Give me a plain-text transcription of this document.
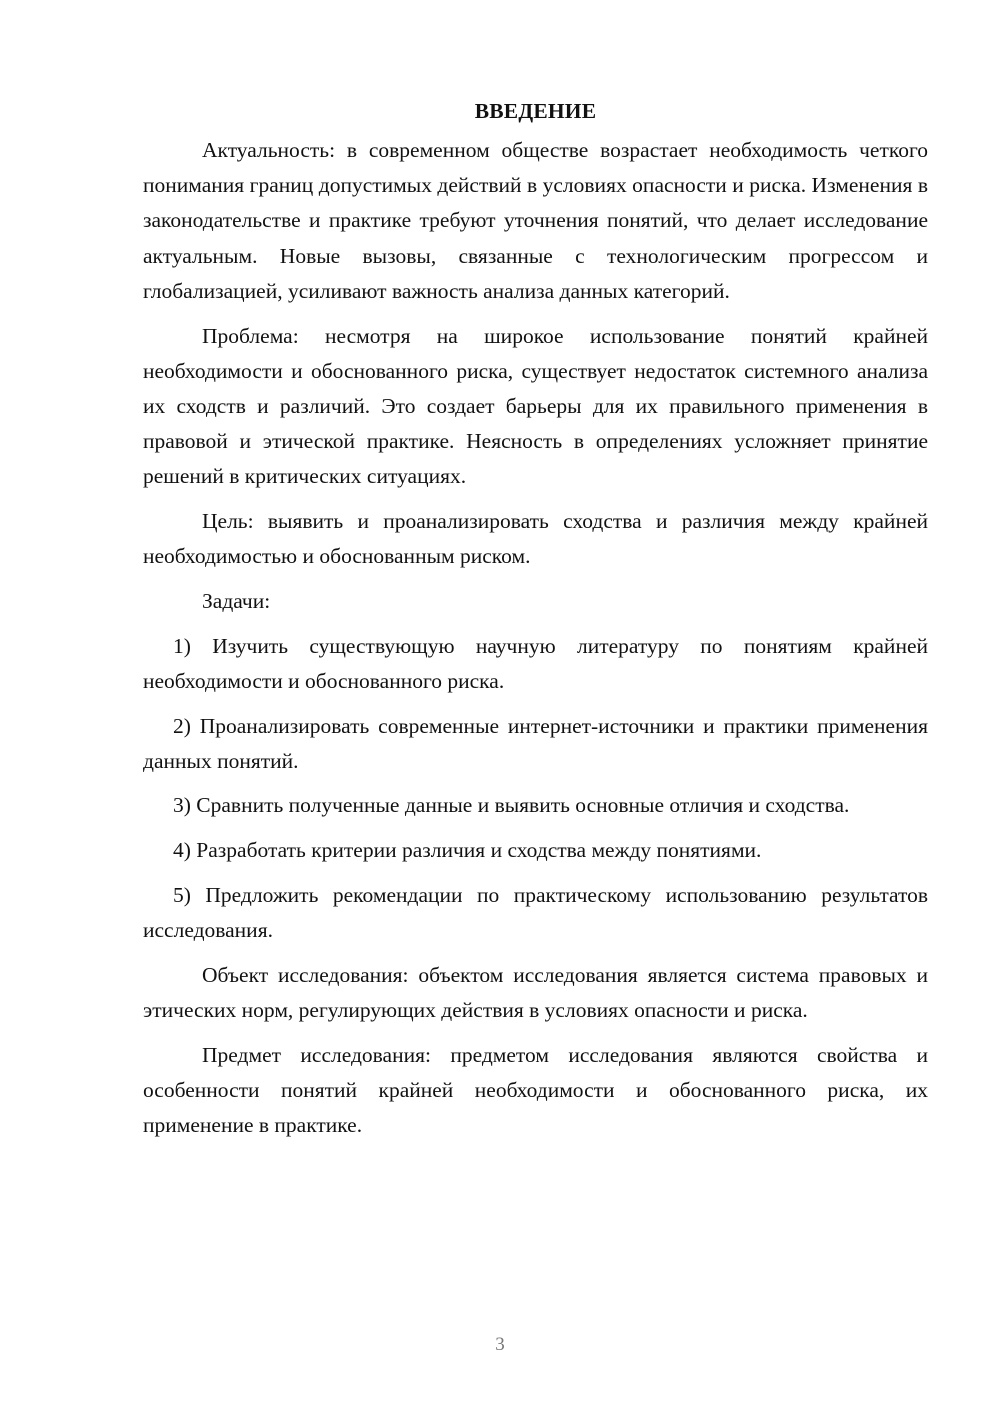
ВВЕДЕНИЕ

Актуальность: в современном обществе возрастает необходимость четкого понимания границ допустимых действий в условиях опасности и риска. Изменения в законодательстве и практике требуют уточнения понятий, что делает исследование актуальным. Новые вызовы, связанные с технологическим прогрессом и глобализацией, усиливают важность анализа данных категорий.

Проблема: несмотря на широкое использование понятий крайней необходимости и обоснованного риска, существует недостаток системного анализа их сходств и различий. Это создает барьеры для их правильного применения в правовой и этической практике. Неясность в определениях усложняет принятие решений в критических ситуациях.

Цель: выявить и проанализировать сходства и различия между крайней необходимостью и обоснованным риском.

Задачи:

1) Изучить существующую научную литературу по понятиям крайней необходимости и обоснованного риска.

2) Проанализировать современные интернет-источники и практики применения данных понятий.

3) Сравнить полученные данные и выявить основные отличия и сходства.

4) Разработать критерии различия и сходства между понятиями.

5) Предложить рекомендации по практическому использованию результатов исследования.

Объект исследования: объектом исследования является система правовых и этических норм, регулирующих действия в условиях опасности и риска.

Предмет исследования: предметом исследования являются свойства и особенности понятий крайней необходимости и обоснованного риска, их применение в практике.

3
